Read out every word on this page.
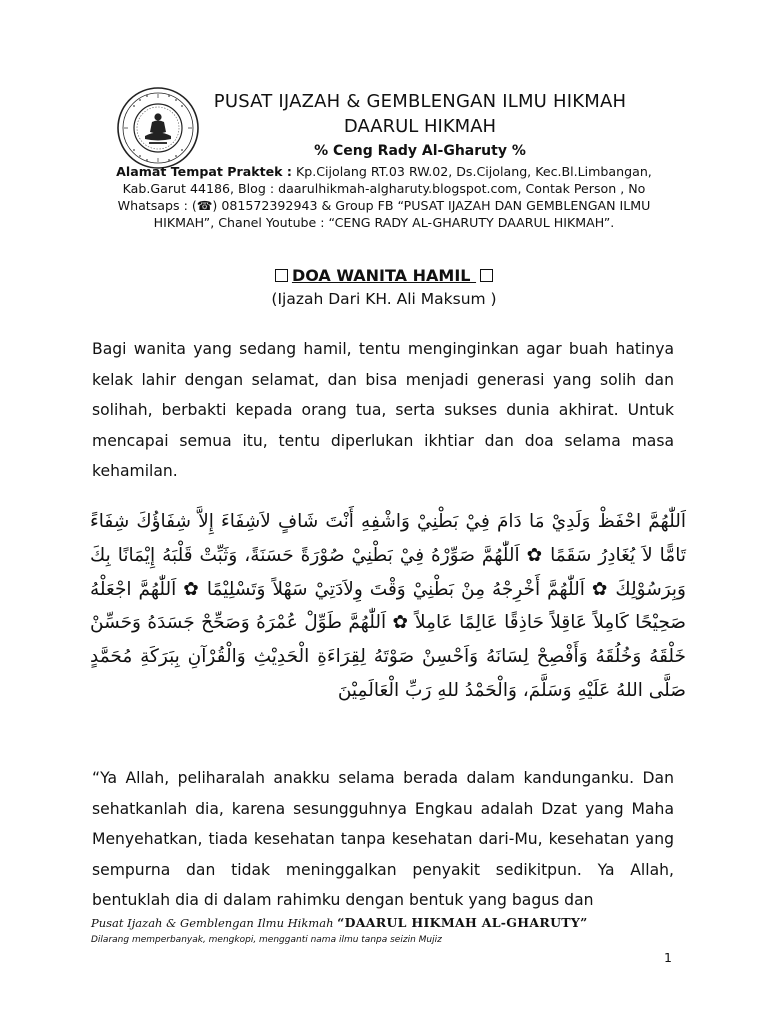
PUSAT IJAZAH & GEMBLENGAN ILMU HIKMAH
DAARUL HIKMAH
% Ceng Rady Al-Gharuty %
Alamat Tempat Praktek : Kp.Cijolang RT.03 RW.02, Ds.Cijolang, Kec.Bl.Limbangan, Kab.Garut 44186, Blog : daarulhikmah-algharuty.blogspot.com, Contak Person , No Whatsaps : (☎) 081572392943 & Group FB “PUSAT IJAZAH DAN GEMBLENGAN ILMU HIKMAH”, Chanel Youtube : “CENG RADY AL-GHARUTY DAARUL HIKMAH”.
DOA WANITA HAMIL
(Ijazah Dari KH. Ali Maksum )
Bagi wanita yang sedang hamil, tentu menginginkan agar buah hatinya kelak lahir dengan selamat, dan bisa menjadi generasi yang solih dan solihah, berbakti kepada orang tua, serta sukses dunia akhirat. Untuk mencapai semua itu, tentu diperlukan ikhtiar dan doa selama masa kehamilan.
اَللّٰهُمَّ احْفَظْ وَلَدِيْ مَا دَامَ فِيْ بَطْنِيْ وَاشْفِهِ أَنْتَ شَافٍ لاَشِفَاءَ إِلاَّ شِفَاؤُكَ شِفَاءً تَامًّا لاَ يُغَادِرُ سَقَمًا ✿ اَللّٰهُمَّ صَوِّرْهُ فِيْ بَطْنِيْ صُوْرَةً حَسَنَةً، وَثَبِّتْ قَلْبَهُ إِيْمَانًا بِكَ وَبِرَسُوْلِكَ ✿ اَللّٰهُمَّ أَخْرِجْهُ مِنْ بَطْنِيْ وَقْتَ وِلاَدَتِيْ سَهْلاً وَتَسْلِيْمًا ✿ اَللّٰهُمَّ اجْعَلْهُ صَحِيْحًا كَامِلاً عَاقِلاً حَاذِقًا عَالِمًا عَامِلاً ✿ اَللّٰهُمَّ طَوِّلْ عُمْرَهُ وَصَحِّحْ جَسَدَهُ وَحَسِّنْ خَلْقَهُ وَخُلُقَهُ وَأَفْصِحْ لِسَانَهُ وَاَحْسِنْ صَوْتَهُ لِقِرَاءَةِ الْحَدِيْثِ وَالْقُرْآنِ بِبَرَكَةِ مُحَمَّدٍ صَلَّى اللهُ عَلَيْهِ وَسَلَّمَ، وَالْحَمْدُ للهِ رَبِّ الْعَالَمِيْنَ
“Ya Allah, peliharalah anakku selama berada dalam kandunganku. Dan sehatkanlah dia, karena sesungguhnya Engkau adalah Dzat yang Maha Menyehatkan, tiada kesehatan tanpa kesehatan dari-Mu, kesehatan yang sempurna dan tidak meninggalkan penyakit sedikitpun. Ya Allah, bentuklah dia di dalam rahimku dengan bentuk yang bagus dan
Pusat Ijazah & Gemblengan Ilmu Hikmah “DAARUL HIKMAH AL-GHARUTY”
Dilarang memperbanyak, mengkopi, mengganti nama ilmu tanpa seizin Mujiz
1
